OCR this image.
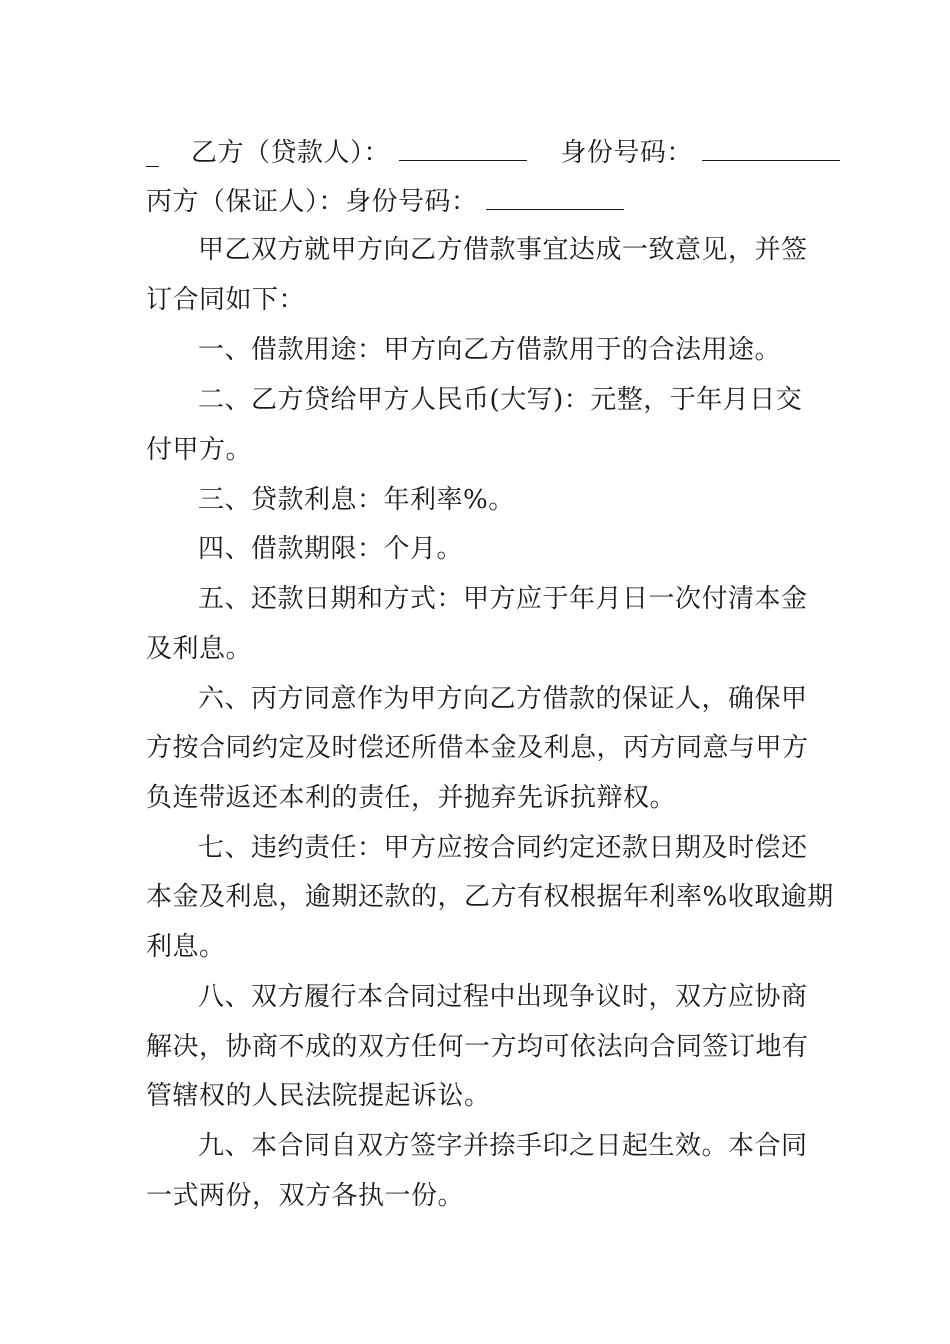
_ 乙方（贷款人）：	身份号码：
丙方（保证人）：身份号码：
甲乙双方就甲方向乙方借款事宜达成一致意见，并签
订合同如下：
一、借款用途：甲方向乙方借款用于的合法用途。
二、乙方贷给甲方人民币(大写)：元整，于年月日交
付甲方。
三、贷款利息：年利率%。
四、借款期限：个月。
五、还款日期和方式：甲方应于年月日一次付清本金
及利息。
六、丙方同意作为甲方向乙方借款的保证人，确保甲
方按合同约定及时偿还所借本金及利息，丙方同意与甲方
负连带返还本利的责任，并抛弃先诉抗辩权。
七、违约责任：甲方应按合同约定还款日期及时偿还
本金及利息，逾期还款的，乙方有权根据年利率%收取逾期
利息。
八、双方履行本合同过程中出现争议时，双方应协商
解决，协商不成的双方任何一方均可依法向合同签订地有
管辖权的人民法院提起诉讼。
九、本合同自双方签字并捺手印之日起生效。本合同
一式两份，双方各执一份。
